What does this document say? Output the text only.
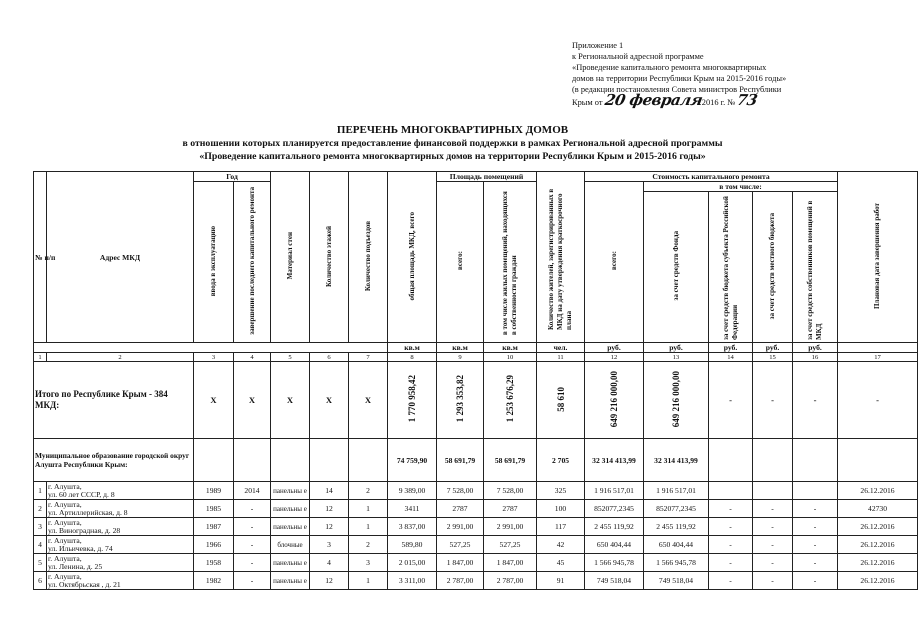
Приложение 1
к Региональной адресной программе
«Проведение капитального ремонта многоквартирных
домов на территории Республики Крым на 2015-2016 годы»
(в редакции постановления Совета министров Республики
Крым от 20 февраля2016 г. № 73
ПЕРЕЧЕНЬ МНОГОКВАРТИРНЫХ ДОМОВ
в отношении которых планируется предоставление финансовой поддержки в рамках Региональной адресной программы
«Проведение капитального ремонта многоквартирных домов на территории Республики Крым и 2015-2016 годы»
№ п/п	Адрес МКД	Год		Материал стен	Количество этажей	Количество подъездов	общая площадь МКД, всего	Площадь помещений		Количество жителей, зарегистрированных в МКД на дату утверждения краткосрочного плана	Стоимость капитального ремонта					Плановая дата завершения работ
		ввода в эксплуатацию	завершение последнего капитального ремонта					всего:	в том числе жилых помещений, находящихся в собственности граждан		всего:	в том числе:				
												за счет средств Фонда	за счет средств бюджета субъекта Российской Федерации	за счет средств местного бюджета	за счет средств собственников помещений в МКД	
							кв.м	кв.м	кв.м	чел.	руб.	руб.	руб.	руб.	руб.	
1	2	3	4	5	6	7	8	9	10	11	12	13	14	15	16	17
Итого по Республике Крым - 384 МКД:		Х	Х	Х	Х	Х	1 770 958,42	1 293 353,82	1 253 676,29	58 610	649 216 000,00	649 216 000,00	-	-	-	-
Муниципальное образование городской округ Алушта Республики Крым:							74 759,90	58 691,79	58 691,79	2 705	32 314 413,99	32 314 413,99				
1	г. Алушта,
ул. 60 лет СССР, д. 8	1989	2014	панельны е	14	2	9 389,00	7 528,00	7 528,00	325	1 916 517,01	1 916 517,01				26.12.2016
2	г. Алушта,
ул. Артиллерийская, д. 8	1985	-	панельны е	12	1	3411	2787	2787	100	852077,2345	852077,2345	-	-	-	42730
3	г. Алушта,
ул. Виноградная, д. 28	1987	-	панельны е	12	1	3 837,00	2 991,00	2 991,00	117	2 455 119,92	2 455 119,92	-	-	-	26.12.2016
4	г. Алушта,
ул. Ильичевка, д. 74	1966	-	блочные	3	2	589,80	527,25	527,25	42	650 404,44	650 404,44	-	-	-	26.12.2016
5	г. Алушта,
ул. Ленина, д. 25	1958	-	панельны е	4	3	2 015,00	1 847,00	1 847,00	45	1 566 945,78	1 566 945,78	-	-	-	26.12.2016
6	г. Алушта,
ул. Октябрьская , д. 21	1982	-	панельны е	12	1	3 311,00	2 787,00	2 787,00	91	749 518,04	749 518,04	-	-	-	26.12.2016
